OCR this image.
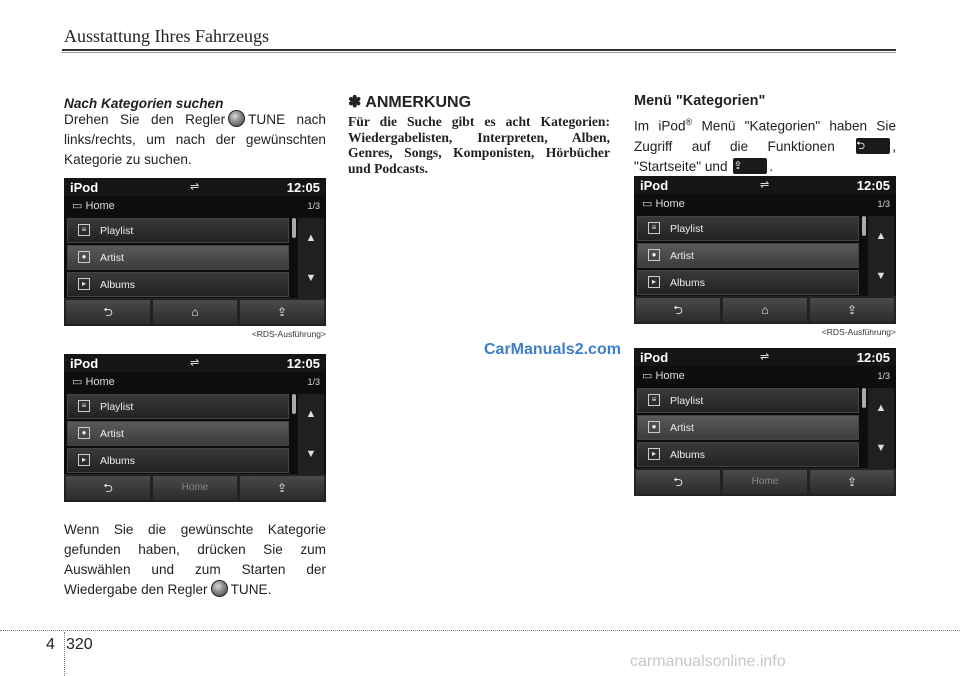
Ausstattung Ihres Fahrzeugs
Nach Kategorien suchen
Drehen Sie den Regler TUNE nach links/rechts, um nach der gewünschten Kategorie zu suchen.
iPod	⇌	12:05
▭ Home	1/3
≡	Playlist
●	Artist
▸	Albums
▲
▼
⮌	⌂	⇪
<RDS-Ausführung>
iPod	⇌	12:05
▭ Home	1/3
≡	Playlist
●	Artist
▸	Albums
▲
▼
⮌	Home	⇪
Wenn Sie die gewünschte Kategorie gefunden haben, drücken Sie zum Auswählen und zum Starten der Wiedergabe den Regler TUNE.
✽ ANMERKUNG
Für die Suche gibt es acht Kategorien: Wiedergabelisten, Interpreten, Alben, Genres, Songs, Komponisten, Hörbücher und Podcasts.
Menü "Kategorien"
Im iPod® Menü "Kategorien" haben Sie Zugriff auf die Funktionen ⮌	, "Startseite" und ⇪	.
iPod	⇌	12:05
▭ Home	1/3
≡	Playlist
●	Artist
▸	Albums
▲
▼
⮌	⌂	⇪
<RDS-Ausführung>
iPod	⇌	12:05
▭ Home	1/3
≡	Playlist
●	Artist
▸	Albums
▲
▼
⮌	Home	⇪
CarManuals2.com
4 320
carmanualsonline.info
